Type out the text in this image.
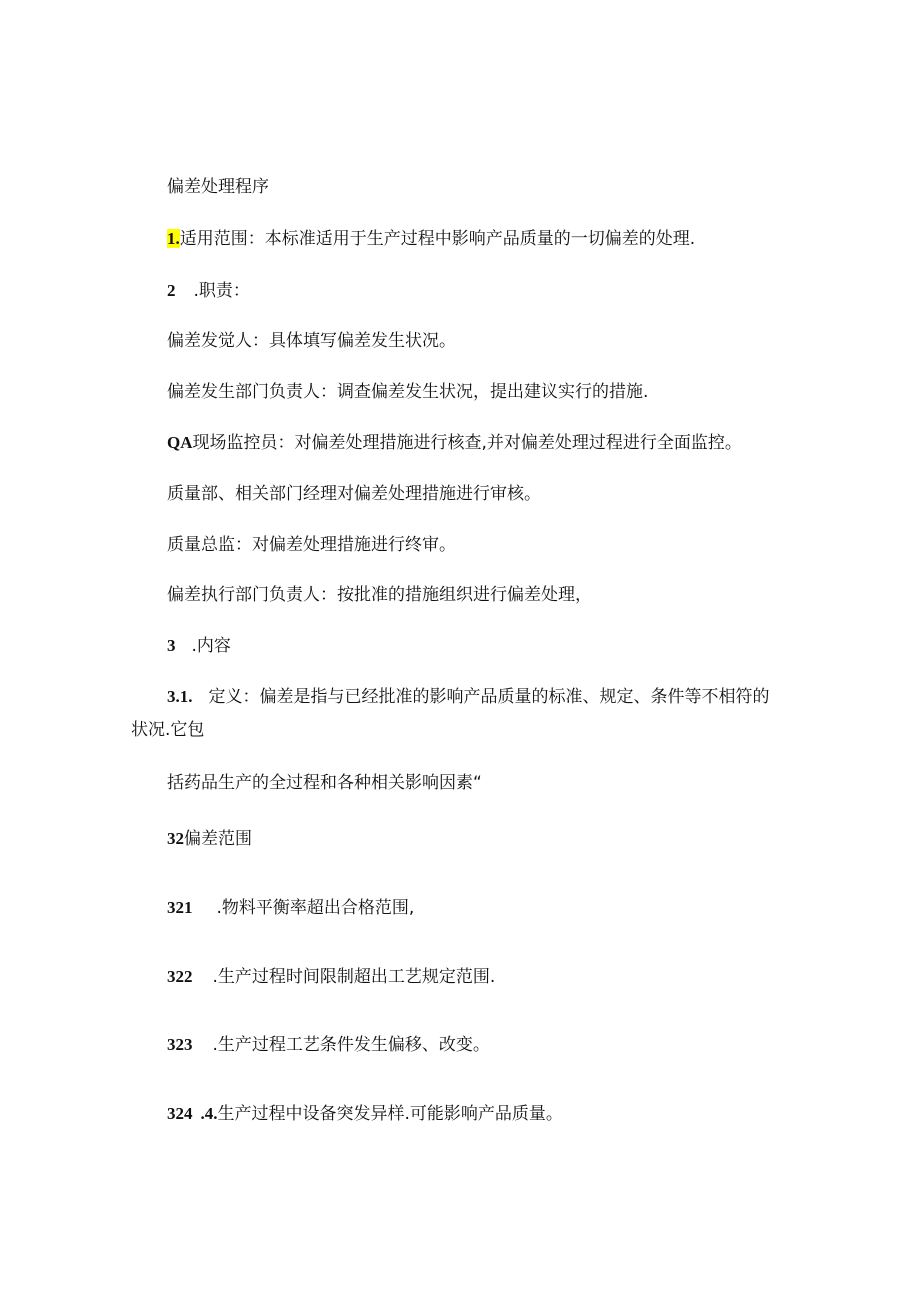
偏差处理程序
1.适用范围：本标准适用于生产过程中影响产品质量的一切偏差的处理.
2 .职责：
偏差发觉人：具体填写偏差发生状况。
偏差发生部门负责人：调查偏差发生状况，提出建议实行的措施.
QA现场监控员：对偏差处理措施进行核查,并对偏差处理过程进行全面监控。
质量部、相关部门经理对偏差处理措施进行审核。
质量总监：对偏差处理措施进行终审。
偏差执行部门负责人：按批准的措施组织进行偏差处理，
3 .内容
3.1. 定义：偏差是指与已经批准的影响产品质量的标准、规定、条件等不相符的
状况.它包
括药品生产的全过程和各种相关影响因素“
32偏差范围
321 .物料平衡率超出合格范围,
322 .生产过程时间限制超出工艺规定范围.
323 .生产过程工艺条件发生偏移、改变。
324 .4.生产过程中设备突发异样.可能影响产品质量。
